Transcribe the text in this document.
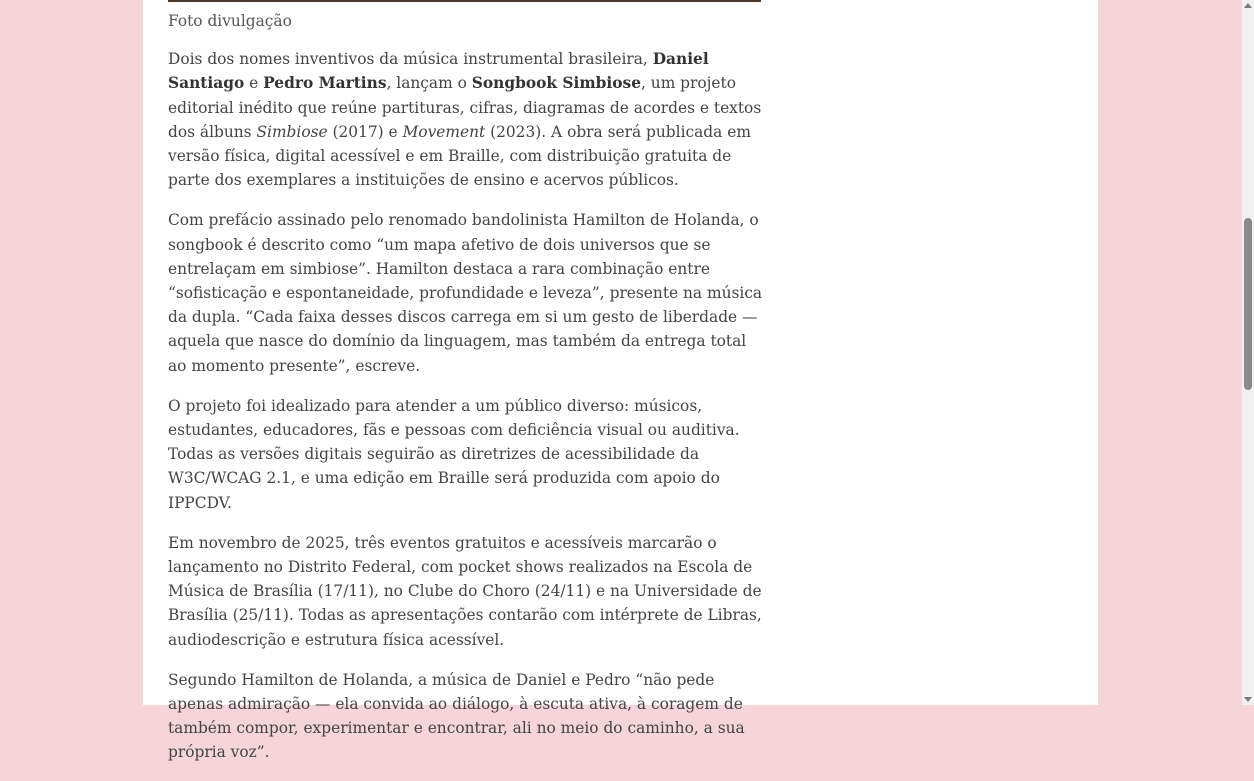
Foto divulgação

Dois dos nomes inventivos da música instrumental brasileira, Daniel Santiago e Pedro Martins, lançam o Songbook Simbiose, um projeto editorial inédito que reúne partituras, cifras, diagramas de acordes e textos dos álbuns Simbiose (2017) e Movement (2023). A obra será publicada em versão física, digital acessível e em Braille, com distribuição gratuita de parte dos exemplares a instituições de ensino e acervos públicos.

Com prefácio assinado pelo renomado bandolinista Hamilton de Holanda, o songbook é descrito como “um mapa afetivo de dois universos que se entrelaçam em simbiose”. Hamilton destaca a rara combinação entre “sofisticação e espontaneidade, profundidade e leveza”, presente na música da dupla. “Cada faixa desses discos carrega em si um gesto de liberdade — aquela que nasce do domínio da linguagem, mas também da entrega total ao momento presente”, escreve.

O projeto foi idealizado para atender a um público diverso: músicos, estudantes, educadores, fãs e pessoas com deficiência visual ou auditiva. Todas as versões digitais seguirão as diretrizes de acessibilidade da W3C/WCAG 2.1, e uma edição em Braille será produzida com apoio do IPPCDV.

Em novembro de 2025, três eventos gratuitos e acessíveis marcarão o lançamento no Distrito Federal, com pocket shows realizados na Escola de Música de Brasília (17/11), no Clube do Choro (24/11) e na Universidade de Brasília (25/11). Todas as apresentações contarão com intérprete de Libras, audiodescrição e estrutura física acessível.

Segundo Hamilton de Holanda, a música de Daniel e Pedro “não pede apenas admiração — ela convida ao diálogo, à escuta ativa, à coragem de também compor, experimentar e encontrar, ali no meio do caminho, a sua própria voz”.
